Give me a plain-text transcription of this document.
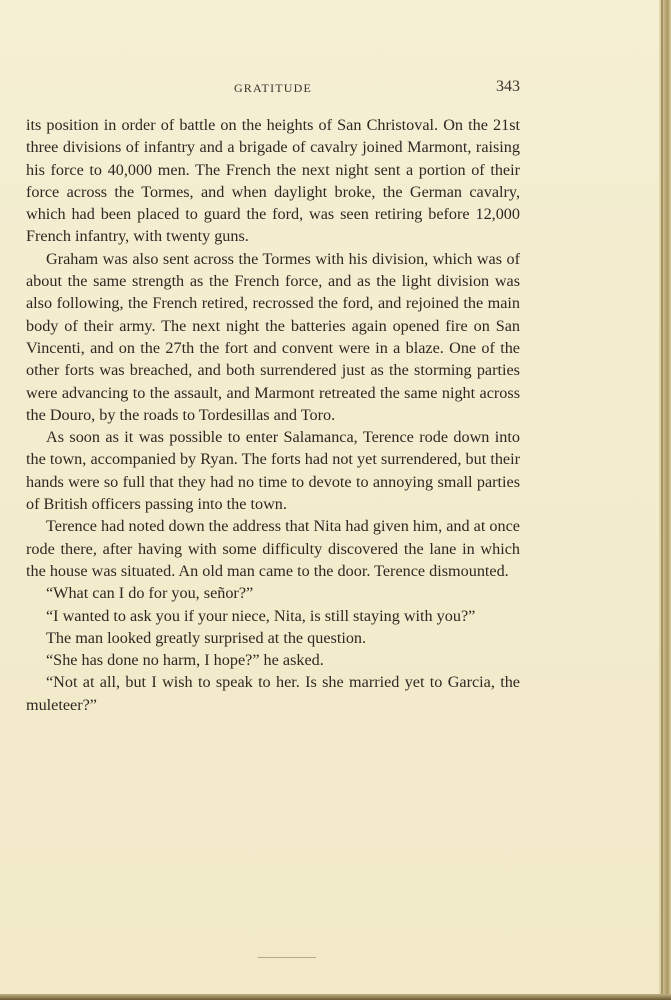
GRATITUDE	343

its position in order of battle on the heights of San Christoval. On the 21st three divisions of infantry and a brigade of cavalry joined Marmont, raising his force to 40,000 men. The French the next night sent a portion of their force across the Tormes, and when daylight broke, the German cavalry, which had been placed to guard the ford, was seen retiring before 12,000 French infantry, with twenty guns.

Graham was also sent across the Tormes with his division, which was of about the same strength as the French force, and as the light division was also following, the French retired, recrossed the ford, and rejoined the main body of their army. The next night the batteries again opened fire on San Vincenti, and on the 27th the fort and convent were in a blaze. One of the other forts was breached, and both surrendered just as the storming parties were advancing to the assault, and Marmont retreated the same night across the Douro, by the roads to Tordesillas and Toro.

As soon as it was possible to enter Salamanca, Terence rode down into the town, accompanied by Ryan. The forts had not yet surrendered, but their hands were so full that they had no time to devote to annoying small parties of British officers passing into the town.

Terence had noted down the address that Nita had given him, and at once rode there, after having with some difficulty discovered the lane in which the house was situated. An old man came to the door. Terence dismounted.

“What can I do for you, señor?”

“I wanted to ask you if your niece, Nita, is still staying with you?”

The man looked greatly surprised at the question.

“She has done no harm, I hope?” he asked.

“Not at all, but I wish to speak to her. Is she married yet to Garcia, the muleteer?”
